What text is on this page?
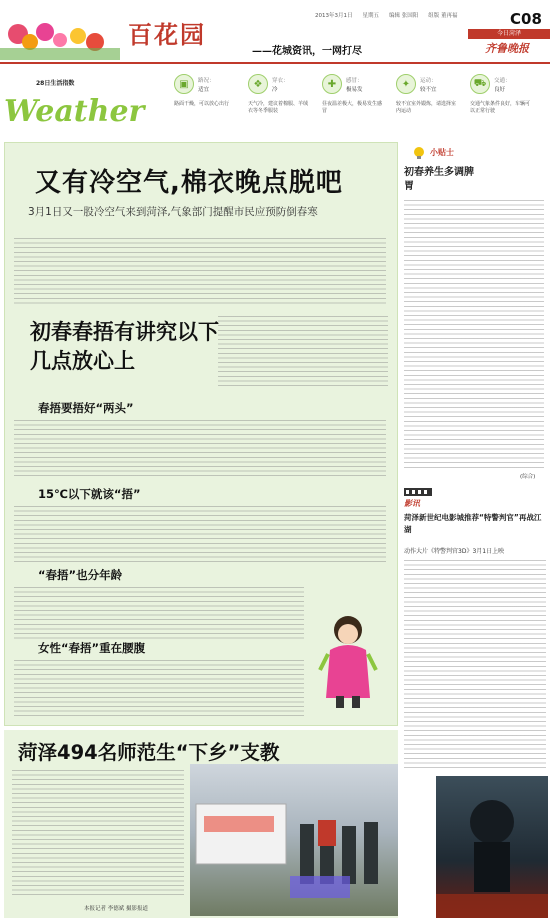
百花园
——花城资讯，一网打尽
2013年3月1日 星期五 编辑 张国阳 组版 董再福	C08
今日菏泽
齐鲁晚报
28日生活指数
Weather
▣	路况：
适宜
路面干燥，可以放心出行
❖	穿衣：
冷
天气冷，建议着棉服、羊绒衣等冬季服装
✚	感冒：
极易发
昼夜温差极大，极易发生感冒
✦	运动：
较不宜
较不宜室外锻炼，请选择室内运动
⛟	交通：
良好
交通气象条件良好，车辆可以正常行驶
又有冷空气,棉衣晚点脱吧
3月1日又一股冷空气来到菏泽,气象部门提醒市民应预防倒春寒
初春春捂有讲究以下几点放心上
春捂要捂好“两头”
15℃以下就该“捂”
“春捂”也分年龄
女性“春捂”重在腰腹
菏泽494名师范生“下乡”支教
本报记者 李德斌 摄影报道
小贴士
初春养生多调脾胃
(综合)
影讯
菏泽新世纪电影城推荐“特警判官”再战江湖
动作大片《特警判官3D》3月1日上映
